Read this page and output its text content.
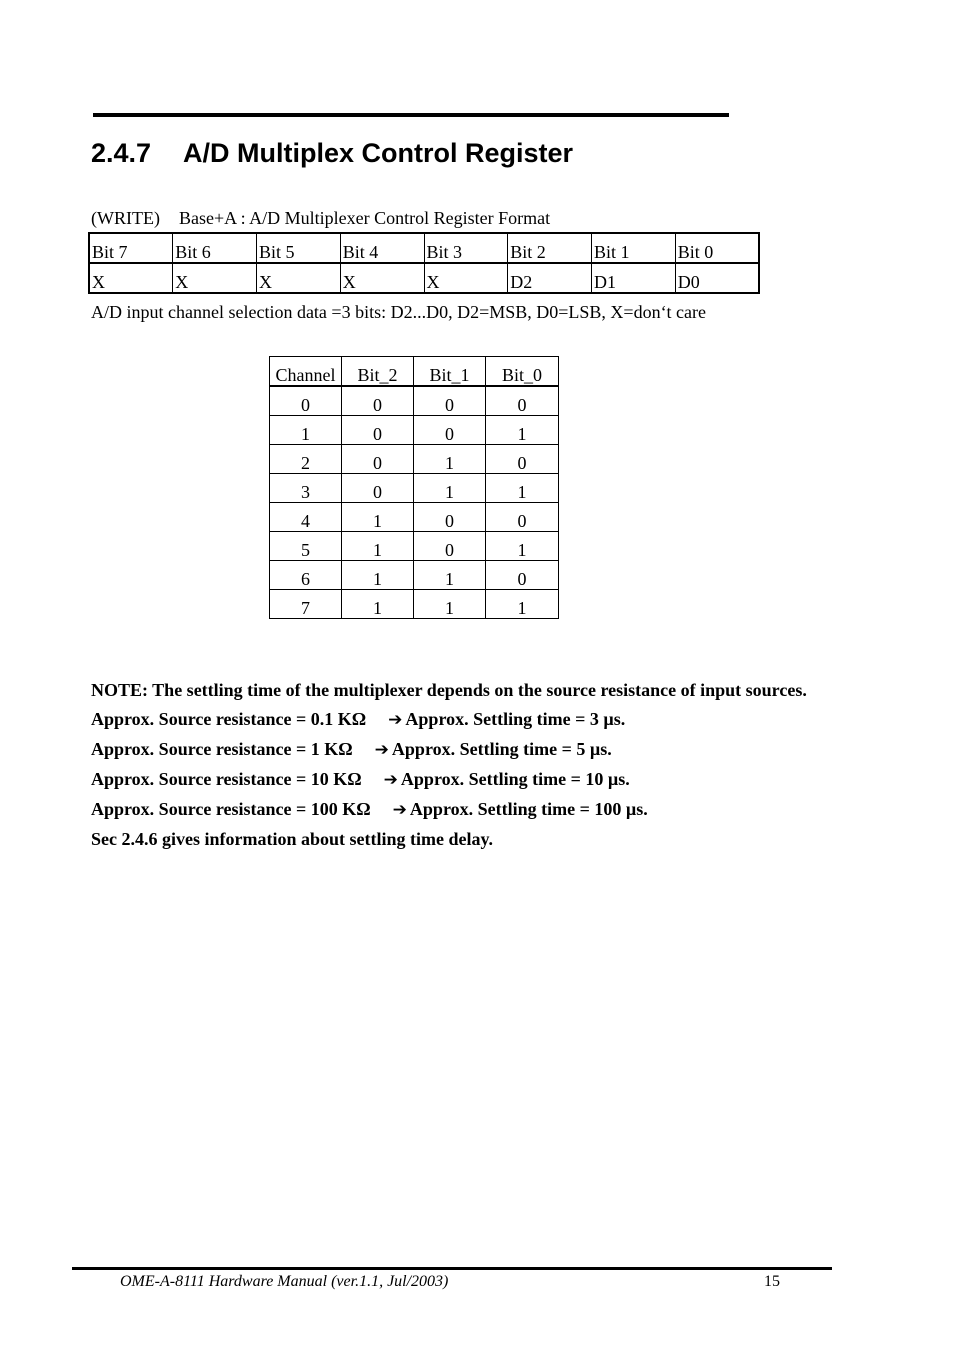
2.4.7 A/D Multiplex Control Register
(WRITE) Base+A : A/D Multiplexer Control Register Format
Bit 7	Bit 6	Bit 5	Bit 4	Bit 3	Bit 2	Bit 1	Bit 0
X	X	X	X	X	D2	D1	D0
A/D input channel selection data =3 bits: D2...D0, D2=MSB, D0=LSB, X=don‘t care
Channel	Bit_2	Bit_1	Bit_0
0	0	0	0
1	0	0	1
2	0	1	0
3	0	1	1
4	1	0	0
5	1	0	1
6	1	1	0
7	1	1	1

NOTE: The settling time of the multiplexer depends on the source resistance of input sources.

Approx. Source resistance = 0.1 KΩ ➔ Approx. Settling time = 3 µs.

Approx. Source resistance = 1 KΩ ➔ Approx. Settling time = 5 µs.

Approx. Source resistance = 10 KΩ ➔ Approx. Settling time = 10 µs.

Approx. Source resistance = 100 KΩ ➔ Approx. Settling time = 100 µs.

Sec 2.4.6 gives information about settling time delay.

OME-A-8111 Hardware Manual (ver.1.1, Jul/2003)	15
